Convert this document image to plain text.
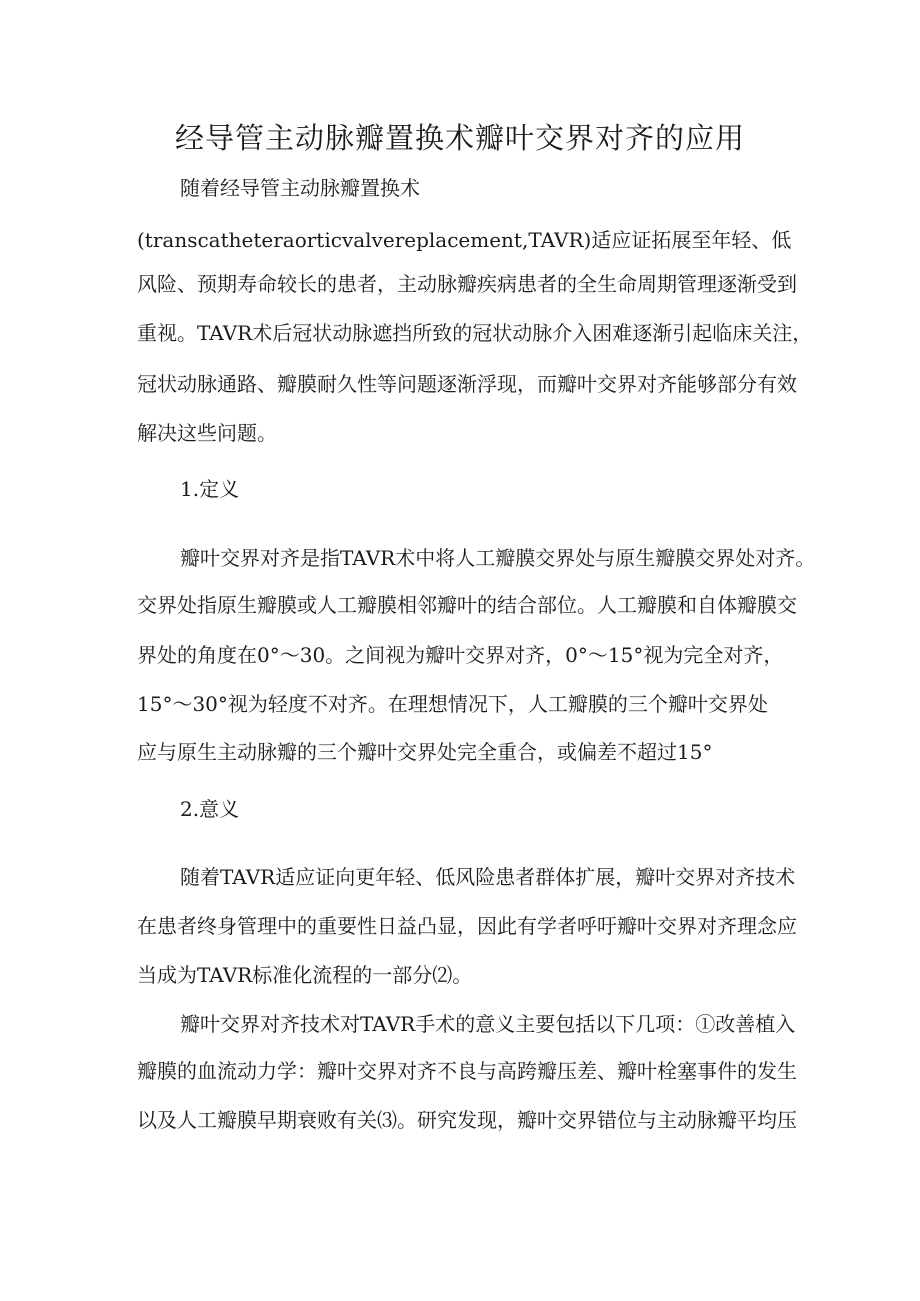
经导管主动脉瓣置换术瓣叶交界对齐的应用

随着经导管主动脉瓣置换术

(transcatheteraorticvalvereplacement,TAVR)适应证拓展至年轻、低

风险、预期寿命较长的患者，主动脉瓣疾病患者的全生命周期管理逐渐受到

重视。TAVR术后冠状动脉遮挡所致的冠状动脉介入困难逐渐引起临床关注，

冠状动脉通路、瓣膜耐久性等问题逐渐浮现，而瓣叶交界对齐能够部分有效

解决这些问题。

1.定义

瓣叶交界对齐是指TAVR术中将人工瓣膜交界处与原生瓣膜交界处对齐。

交界处指原生瓣膜或人工瓣膜相邻瓣叶的结合部位。人工瓣膜和自体瓣膜交

界处的角度在0°～30。之间视为瓣叶交界对齐，0°～15°视为完全对齐，

15°～30°视为轻度不对齐。在理想情况下，人工瓣膜的三个瓣叶交界处

应与原生主动脉瓣的三个瓣叶交界处完全重合，或偏差不超过15°

2.意义

随着TAVR适应证向更年轻、低风险患者群体扩展，瓣叶交界对齐技术

在患者终身管理中的重要性日益凸显，因此有学者呼吁瓣叶交界对齐理念应

当成为TAVR标准化流程的一部分⑵。

瓣叶交界对齐技术对TAVR手术的意义主要包括以下几项：①改善植入

瓣膜的血流动力学：瓣叶交界对齐不良与高跨瓣压差、瓣叶栓塞事件的发生

以及人工瓣膜早期衰败有关⑶。研究发现，瓣叶交界错位与主动脉瓣平均压
